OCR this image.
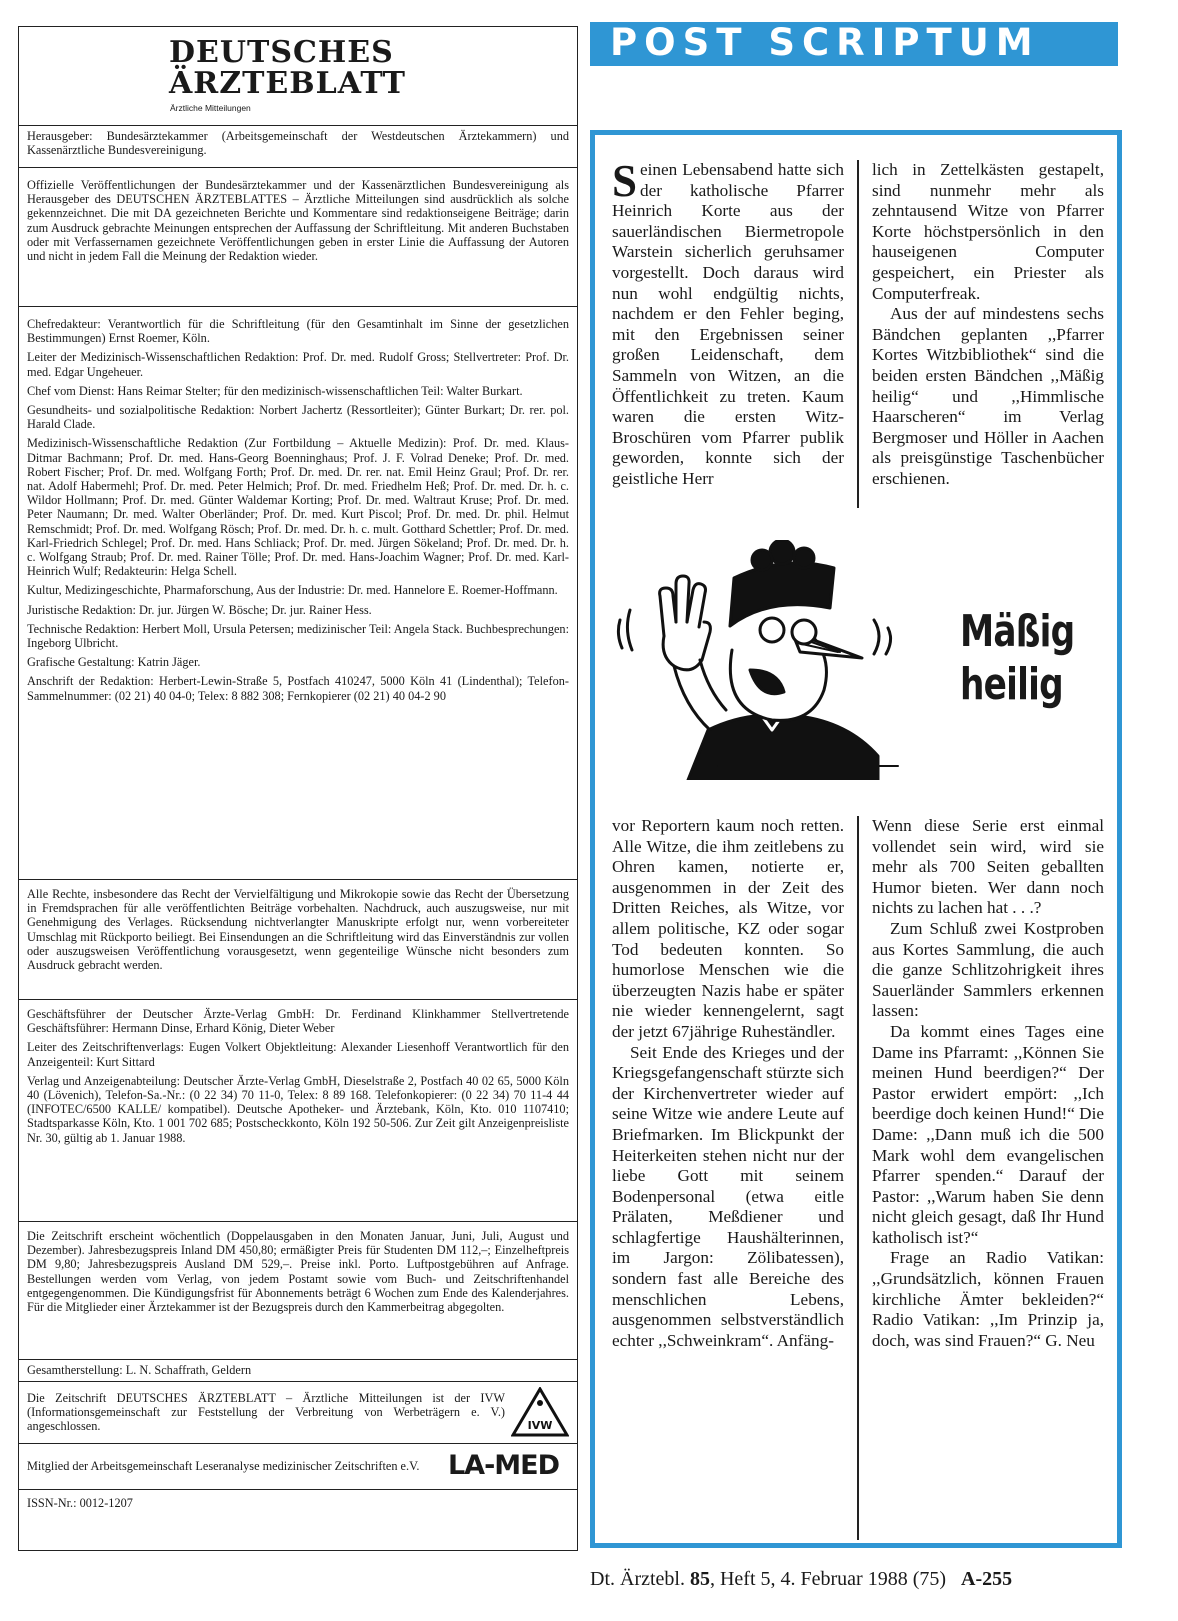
DEUTSCHES
ÄRZTEBLATT
Ärztliche Mitteilungen

Herausgeber: Bundesärztekammer (Arbeitsgemeinschaft der Westdeutschen Ärztekammern) und Kassenärztliche Bundesvereinigung.

Offizielle Veröffentlichungen der Bundesärztekammer und der Kassenärztlichen Bundesvereinigung als Herausgeber des DEUTSCHEN ÄRZTEBLATTES – Ärztliche Mitteilungen sind ausdrücklich als solche gekennzeichnet. Die mit DA gezeichneten Berichte und Kommentare sind redaktionseigene Beiträge; darin zum Ausdruck gebrachte Meinungen entsprechen der Auffassung der Schriftleitung. Mit anderen Buchstaben oder mit Verfassernamen gezeichnete Veröffentlichungen geben in erster Linie die Auffassung der Autoren und nicht in jedem Fall die Meinung der Redaktion wieder.

Chefredakteur: Verantwortlich für die Schriftleitung (für den Gesamtinhalt im Sinne der gesetzlichen Bestimmungen) Ernst Roemer, Köln.

Leiter der Medizinisch-Wissenschaftlichen Redaktion: Prof. Dr. med. Rudolf Gross; Stellvertreter: Prof. Dr. med. Edgar Ungeheuer.

Chef vom Dienst: Hans Reimar Stelter; für den medizinisch-wissenschaftlichen Teil: Walter Burkart.

Gesundheits- und sozialpolitische Redaktion: Norbert Jachertz (Ressortleiter); Günter Burkart; Dr. rer. pol. Harald Clade.

Medizinisch-Wissenschaftliche Redaktion (Zur Fortbildung – Aktuelle Medizin): Prof. Dr. med. Klaus-Ditmar Bachmann; Prof. Dr. med. Hans-Georg Boenninghaus; Prof. J. F. Volrad Deneke; Prof. Dr. med. Robert Fischer; Prof. Dr. med. Wolfgang Forth; Prof. Dr. med. Dr. rer. nat. Emil Heinz Graul; Prof. Dr. rer. nat. Adolf Habermehl; Prof. Dr. med. Peter Helmich; Prof. Dr. med. Friedhelm Heß; Prof. Dr. med. Dr. h. c. Wildor Hollmann; Prof. Dr. med. Günter Waldemar Korting; Prof. Dr. med. Waltraut Kruse; Prof. Dr. med. Peter Naumann; Dr. med. Walter Oberländer; Prof. Dr. med. Kurt Piscol; Prof. Dr. med. Dr. phil. Helmut Remschmidt; Prof. Dr. med. Wolfgang Rösch; Prof. Dr. med. Dr. h. c. mult. Gotthard Schettler; Prof. Dr. med. Karl-Friedrich Schlegel; Prof. Dr. med. Hans Schliack; Prof. Dr. med. Jürgen Sökeland; Prof. Dr. med. Dr. h. c. Wolfgang Straub; Prof. Dr. med. Rainer Tölle; Prof. Dr. med. Hans-Joachim Wagner; Prof. Dr. med. Karl-Heinrich Wulf; Redakteurin: Helga Schell.

Kultur, Medizingeschichte, Pharmaforschung, Aus der Industrie: Dr. med. Hannelore E. Roemer-Hoffmann.

Juristische Redaktion: Dr. jur. Jürgen W. Bösche; Dr. jur. Rainer Hess.

Technische Redaktion: Herbert Moll, Ursula Petersen; medizinischer Teil: Angela Stack. Buchbesprechungen: Ingeborg Ulbricht.

Grafische Gestaltung: Katrin Jäger.

Anschrift der Redaktion: Herbert-Lewin-Straße 5, Postfach 410247, 5000 Köln 41 (Lindenthal); Telefon-Sammelnummer: (02 21) 40 04-0; Telex: 8 882 308; Fernkopierer (02 21) 40 04-2 90

Alle Rechte, insbesondere das Recht der Vervielfältigung und Mikrokopie sowie das Recht der Übersetzung in Fremdsprachen für alle veröffentlichten Beiträge vorbehalten. Nachdruck, auch auszugsweise, nur mit Genehmigung des Verlages. Rücksendung nichtverlangter Manuskripte erfolgt nur, wenn vorbereiteter Umschlag mit Rückporto beiliegt. Bei Einsendungen an die Schriftleitung wird das Einverständnis zur vollen oder auszugsweisen Veröffentlichung vorausgesetzt, wenn gegenteilige Wünsche nicht besonders zum Ausdruck gebracht werden.

Geschäftsführer der Deutscher Ärzte-Verlag GmbH: Dr. Ferdinand Klinkhammer Stellvertretende Geschäftsführer: Hermann Dinse, Erhard König, Dieter Weber

Leiter des Zeitschriftenverlags: Eugen Volkert Objektleitung: Alexander Liesenhoff Verantwortlich für den Anzeigenteil: Kurt Sittard

Verlag und Anzeigenabteilung: Deutscher Ärzte-Verlag GmbH, Dieselstraße 2, Postfach 40 02 65, 5000 Köln 40 (Lövenich), Telefon-Sa.-Nr.: (0 22 34) 70 11-0, Telex: 8 89 168. Telefonkopierer: (0 22 34) 70 11-4 44 (INFOTEC/6500 KALLE/ kompatibel). Deutsche Apotheker- und Ärztebank, Köln, Kto. 010 1107410; Stadtsparkasse Köln, Kto. 1 001 702 685; Postscheckkonto, Köln 192 50-506. Zur Zeit gilt Anzeigenpreisliste Nr. 30, gültig ab 1. Januar 1988.

Die Zeitschrift erscheint wöchentlich (Doppelausgaben in den Monaten Januar, Juni, Juli, August und Dezember). Jahresbezugspreis Inland DM 450,80; ermäßigter Preis für Studenten DM 112,–; Einzelheftpreis DM 9,80; Jahresbezugspreis Ausland DM 529,–. Preise inkl. Porto. Luftpostgebühren auf Anfrage. Bestellungen werden vom Verlag, von jedem Postamt sowie vom Buch- und Zeitschriftenhandel entgegengenommen. Die Kündigungsfrist für Abonnements beträgt 6 Wochen zum Ende des Kalenderjahres. Für die Mitglieder einer Ärztekammer ist der Bezugspreis durch den Kammerbeitrag abgegolten.

Gesamtherstellung: L. N. Schaffrath, Geldern

Die Zeitschrift DEUTSCHES ÄRZTEBLATT – Ärztliche Mitteilungen ist der IVW (Informationsgemeinschaft zur Feststellung der Verbreitung von Werbeträgern e. V.) angeschlossen.	IVW
Mitglied der Arbeitsgemeinschaft Leseranalyse medizinischer Zeitschriften e.V.	LA-MED

ISSN-Nr.: 0012-1207

POST SCRIPTUM

Seinen Lebensabend hatte sich der katholische Pfarrer Heinrich Korte aus der sauerländischen Biermetropole Warstein sicherlich geruhsamer vorgestellt. Doch daraus wird nun wohl endgültig nichts, nachdem er den Fehler beging, mit den Ergebnissen seiner großen Leidenschaft, dem Sammeln von Witzen, an die Öffentlichkeit zu treten. Kaum waren die ersten Witz-Broschüren vom Pfarrer publik geworden, konnte sich der geistliche Herr

lich in Zettelkästen gestapelt, sind nunmehr mehr als zehntausend Witze von Pfarrer Korte höchstpersönlich in den hauseigenen Computer gespeichert, ein Priester als Computerfreak.

Aus der auf mindestens sechs Bändchen geplanten ,,Pfarrer Kortes Witzbibliothek“ sind die beiden ersten Bändchen ,,Mäßig heilig“ und ,,Himmlische Haarscheren“ im Verlag Bergmoser und Höller in Aachen als preisgünstige Taschenbücher erschienen.

Mäßig
heilig

vor Reportern kaum noch retten. Alle Witze, die ihm zeitlebens zu Ohren kamen, notierte er, ausgenommen in der Zeit des Dritten Reiches, als Witze, vor allem politische, KZ oder sogar Tod bedeuten konnten. So humorlose Menschen wie die überzeugten Nazis habe er später nie wieder kennengelernt, sagt der jetzt 67jährige Ruheständler.

Seit Ende des Krieges und der Kriegsgefangenschaft stürzte sich der Kirchenvertreter wieder auf seine Witze wie andere Leute auf Briefmarken. Im Blickpunkt der Heiterkeiten stehen nicht nur der liebe Gott mit seinem Bodenpersonal (etwa eitle Prälaten, Meßdiener und schlagfertige Haushälterinnen, im Jargon: Zölibatessen), sondern fast alle Bereiche des menschlichen Lebens, ausgenommen selbstverständlich echter ,,Schweinkram“. Anfäng-

Wenn diese Serie erst einmal vollendet sein wird, wird sie mehr als 700 Seiten geballten Humor bieten. Wer dann noch nichts zu lachen hat . . .?

Zum Schluß zwei Kostproben aus Kortes Sammlung, die auch die ganze Schlitzohrigkeit ihres Sauerländer Sammlers erkennen lassen:

Da kommt eines Tages eine Dame ins Pfarramt: ,,Können Sie meinen Hund beerdigen?“ Der Pastor erwidert empört: ,,Ich beerdige doch keinen Hund!“ Die Dame: ,,Dann muß ich die 500 Mark wohl dem evangelischen Pfarrer spenden.“ Darauf der Pastor: ,,Warum haben Sie denn nicht gleich gesagt, daß Ihr Hund katholisch ist?“

Frage an Radio Vatikan: ,,Grundsätzlich, können Frauen kirchliche Ämter bekleiden?“ Radio Vatikan: ,,Im Prinzip ja, doch, was sind Frauen?“ G. Neu

Dt. Ärztebl. 85, Heft 5, 4. Februar 1988 (75) A-255
